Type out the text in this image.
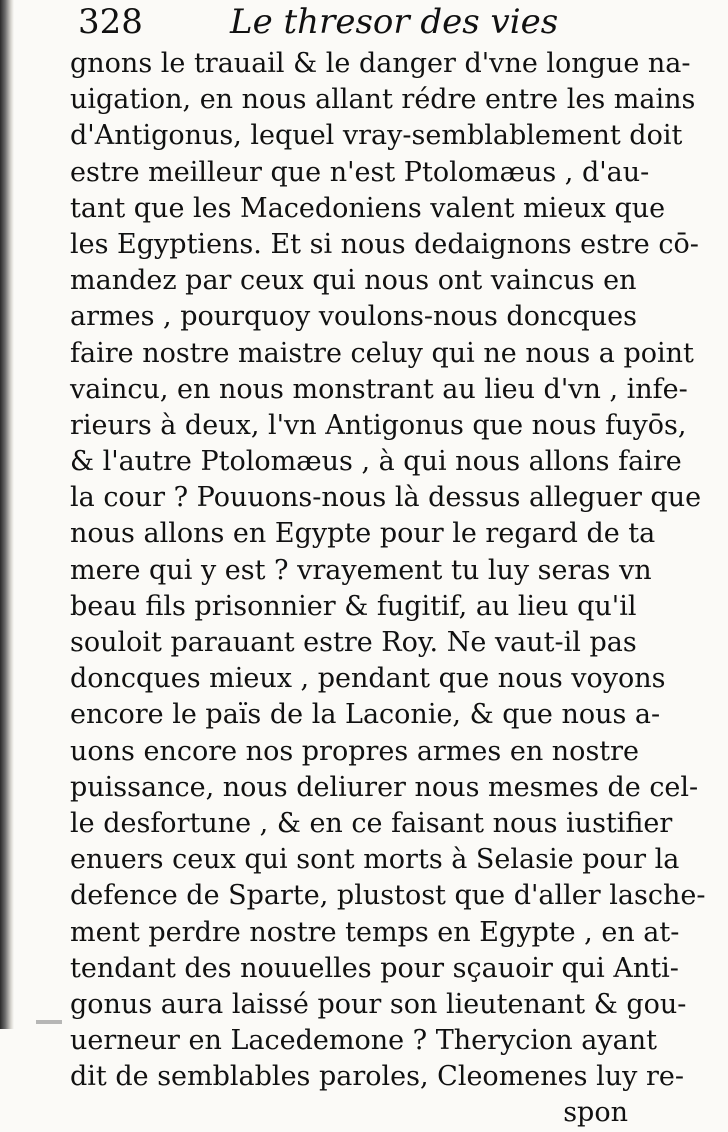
328	Le thresor des vies
gnons le trauail & le danger d'vne longue na-
uigation, en nous allant rédre entre les mains
d'Antigonus, lequel vray-semblablement doit
estre meilleur que n'est Ptolomæus , d'au-
tant que les Macedoniens valent mieux que
les Egyptiens. Et si nous dedaignons estre cō-
mandez par ceux qui nous ont vaincus en
armes , pourquoy voulons-nous doncques
faire nostre maistre celuy qui ne nous a point
vaincu, en nous monstrant au lieu d'vn , infe-
rieurs à deux, l'vn Antigonus que nous fuyōs,
& l'autre Ptolomæus , à qui nous allons faire
la cour ? Pouuons-nous là dessus alleguer que
nous allons en Egypte pour le regard de ta
mere qui y est ? vrayement tu luy seras vn
beau fils prisonnier & fugitif, au lieu qu'il
souloit parauant estre Roy. Ne vaut-il pas
doncques mieux , pendant que nous voyons
encore le païs de la Laconie, & que nous a-
uons encore nos propres armes en nostre
puissance, nous deliurer nous mesmes de cel-
le desfortune , & en ce faisant nous iustifier
enuers ceux qui sont morts à Selasie pour la
defence de Sparte, plustost que d'aller lasche-
ment perdre nostre temps en Egypte , en at-
tendant des nouuelles pour sçauoir qui Anti-
gonus aura laissé pour son lieutenant & gou-
uerneur en Lacedemone ? Therycion ayant
dit de semblables paroles, Cleomenes luy re-
spon
